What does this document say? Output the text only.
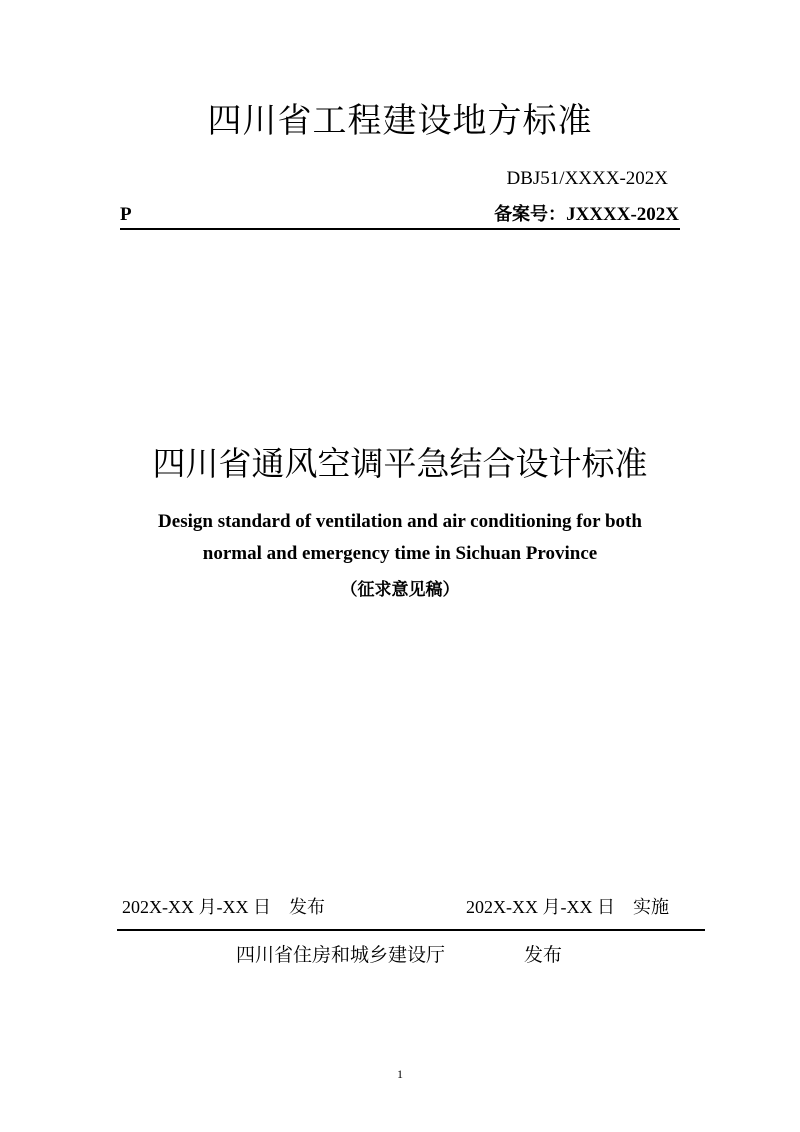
四川省工程建设地方标准
DBJ51/XXXX-202X
P	备案号：JXXXX-202X
四川省通风空调平急结合设计标准
Design standard of ventilation and air conditioning for both
normal and emergency time in Sichuan Province
（征求意见稿）
202X-XX 月-XX 日　发布	202X-XX 月-XX 日　实施
四川省住房和城乡建设厅	发布
1
